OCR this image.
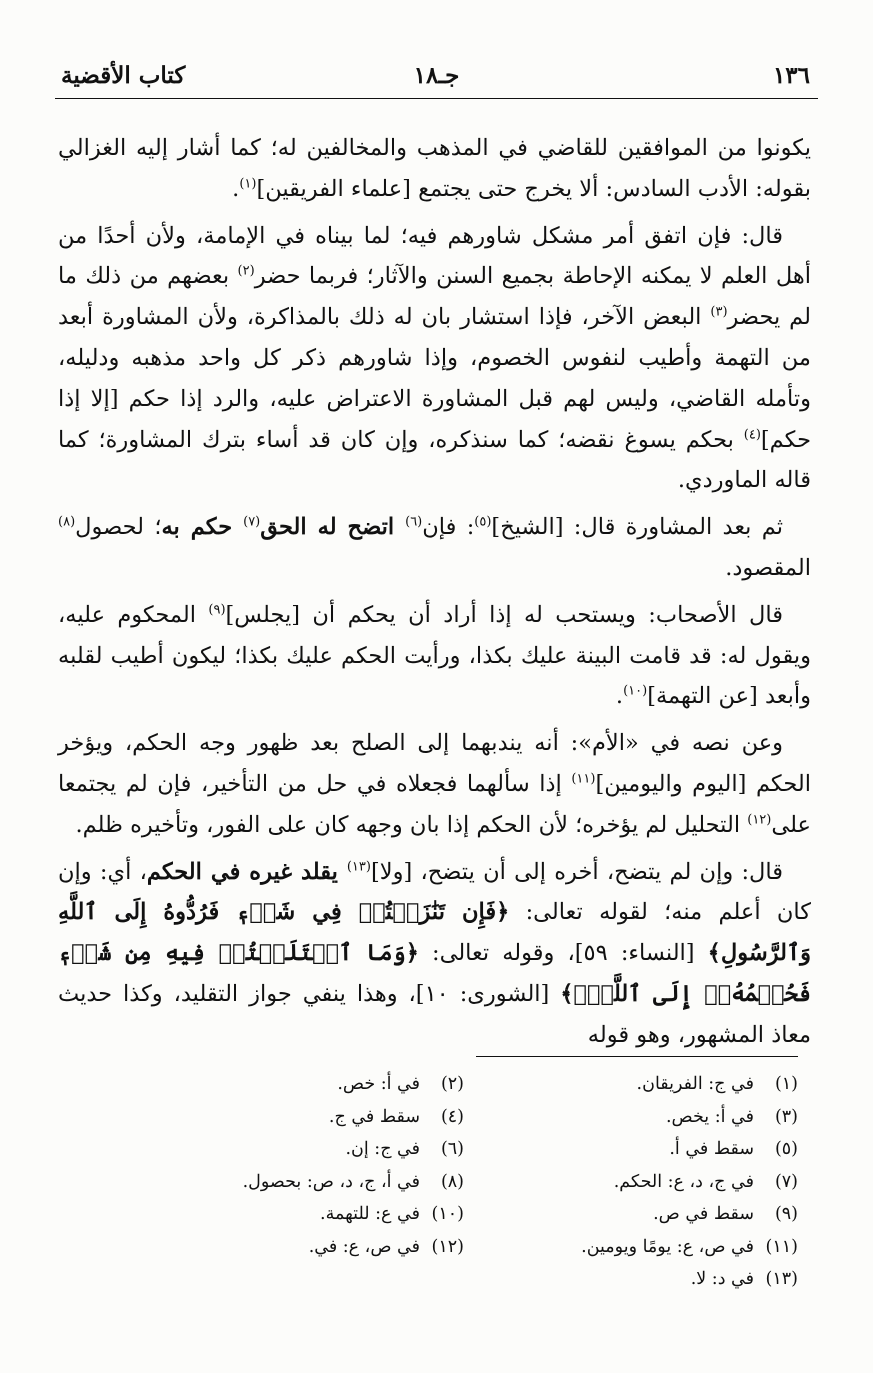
١٣٦
جـ١٨
كتاب الأقضية

يكونوا من الموافقين للقاضي في المذهب والمخالفين له؛ كما أشار إليه الغزالي بقوله: الأدب السادس: ألا يخرج حتى يجتمع [علماء الفريقين]$^{(١)}$.

قال: فإن اتفق أمر مشكل شاورهم فيه؛ لما بيناه في الإمامة، ولأن أحدًا من أهل العلم لا يمكنه الإحاطة بجميع السنن والآثار؛ فربما حضر$^{(٢)}$ بعضهم من ذلك ما لم يحضر$^{(٣)}$ البعض الآخر، فإذا استشار بان له ذلك بالمذاكرة، ولأن المشاورة أبعد من التهمة وأطيب لنفوس الخصوم، وإذا شاورهم ذكر كل واحد مذهبه ودليله، وتأمله القاضي، وليس لهم قبل المشاورة الاعتراض عليه، والرد إذا حكم [إلا إذا حكم]$^{(٤)}$ بحكم يسوغ نقضه؛ كما سنذكره، وإن كان قد أساء بترك المشاورة؛ كما قاله الماوردي.

ثم بعد المشاورة قال: [الشيخ]$^{(٥)}$: فإن$^{(٦)}$ اتضح له الحق$^{(٧)}$ حكم به؛ لحصول$^{(٨)}$ المقصود.

قال الأصحاب: ويستحب له إذا أراد أن يحكم أن [يجلس]$^{(٩)}$ المحكوم عليه، ويقول له: قد قامت البينة عليك بكذا، ورأيت الحكم عليك بكذا؛ ليكون أطيب لقلبه وأبعد [عن التهمة]$^{(١٠)}$.

وعن نصه في «الأم»: أنه يندبهما إلى الصلح بعد ظهور وجه الحكم، ويؤخر الحكم [اليوم واليومين]$^{(١١)}$ إذا سألهما فجعلاه في حل من التأخير، فإن لم يجتمعا على$^{(١٢)}$ التحليل لم يؤخره؛ لأن الحكم إذا بان وجهه كان على الفور، وتأخيره ظلم.

قال: وإن لم يتضح، أخره إلى أن يتضح، [ولا]$^{(١٣)}$ يقلد غيره في الحكم، أي: وإن كان أعلم منه؛ لقوله تعالى: ﴿فَإِن تَنَٰزَعۡتُمۡ فِي شَيۡءٖ فَرُدُّوهُ إِلَى ٱللَّهِ وَٱلرَّسُولِ﴾ [النساء: ٥٩]، وقوله تعالى: ﴿وَمَا ٱخۡتَلَفۡتُمۡ فِيهِ مِن شَيۡءٖ فَحُكۡمُهُۥٓ إِلَى ٱللَّهِۚ﴾ [الشورى: ١٠]، وهذا ينفي جواز التقليد، وكذا حديث معاذ المشهور، وهو قوله

(١)في ج: الفريقان.
(٣)في أ: يخص.
(٥)سقط في أ.
(٧)في ج، د، ع: الحكم.
(٩)سقط في ص.
(١١)في ص، ع: يومًا ويومين.
(١٣)في د: لا.
(٢)في أ: خص.
(٤)سقط في ج.
(٦)في ج: إن.
(٨)في أ، ج، د، ص: بحصول.
(١٠)في ع: للتهمة.
(١٢)في ص، ع: في.
